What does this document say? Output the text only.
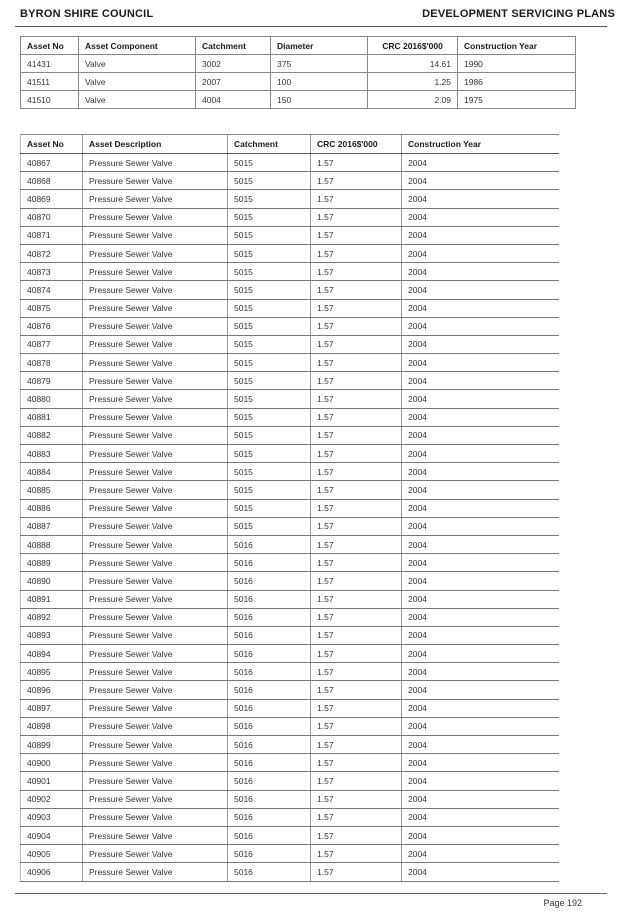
BYRON SHIRE COUNCIL	DEVELOPMENT SERVICING PLANS
Asset No	Asset Component	Catchment	Diameter	CRC 2016$'000	Construction Year
41431	Valve	3002	375	14.61	1990
41511	Valve	2007	100	1.25	1986
41510	Valve	4004	150	2.09	1975
Asset No	Asset Description	Catchment	CRC 2016$'000	Construction Year
40867	Pressure Sewer Valve	5015	1.57	2004
40868	Pressure Sewer Valve	5015	1.57	2004
40869	Pressure Sewer Valve	5015	1.57	2004
40870	Pressure Sewer Valve	5015	1.57	2004
40871	Pressure Sewer Valve	5015	1.57	2004
40872	Pressure Sewer Valve	5015	1.57	2004
40873	Pressure Sewer Valve	5015	1.57	2004
40874	Pressure Sewer Valve	5015	1.57	2004
40875	Pressure Sewer Valve	5015	1.57	2004
40876	Pressure Sewer Valve	5015	1.57	2004
40877	Pressure Sewer Valve	5015	1.57	2004
40878	Pressure Sewer Valve	5015	1.57	2004
40879	Pressure Sewer Valve	5015	1.57	2004
40880	Pressure Sewer Valve	5015	1.57	2004
40881	Pressure Sewer Valve	5015	1.57	2004
40882	Pressure Sewer Valve	5015	1.57	2004
40883	Pressure Sewer Valve	5015	1.57	2004
40884	Pressure Sewer Valve	5015	1.57	2004
40885	Pressure Sewer Valve	5015	1.57	2004
40886	Pressure Sewer Valve	5015	1.57	2004
40887	Pressure Sewer Valve	5015	1.57	2004
40888	Pressure Sewer Valve	5016	1.57	2004
40889	Pressure Sewer Valve	5016	1.57	2004
40890	Pressure Sewer Valve	5016	1.57	2004
40891	Pressure Sewer Valve	5016	1.57	2004
40892	Pressure Sewer Valve	5016	1.57	2004
40893	Pressure Sewer Valve	5016	1.57	2004
40894	Pressure Sewer Valve	5016	1.57	2004
40895	Pressure Sewer Valve	5016	1.57	2004
40896	Pressure Sewer Valve	5016	1.57	2004
40897	Pressure Sewer Valve	5016	1.57	2004
40898	Pressure Sewer Valve	5016	1.57	2004
40899	Pressure Sewer Valve	5016	1.57	2004
40900	Pressure Sewer Valve	5016	1.57	2004
40901	Pressure Sewer Valve	5016	1.57	2004
40902	Pressure Sewer Valve	5016	1.57	2004
40903	Pressure Sewer Valve	5016	1.57	2004
40904	Pressure Sewer Valve	5016	1.57	2004
40905	Pressure Sewer Valve	5016	1.57	2004
40906	Pressure Sewer Valve	5016	1.57	2004
Page 192
